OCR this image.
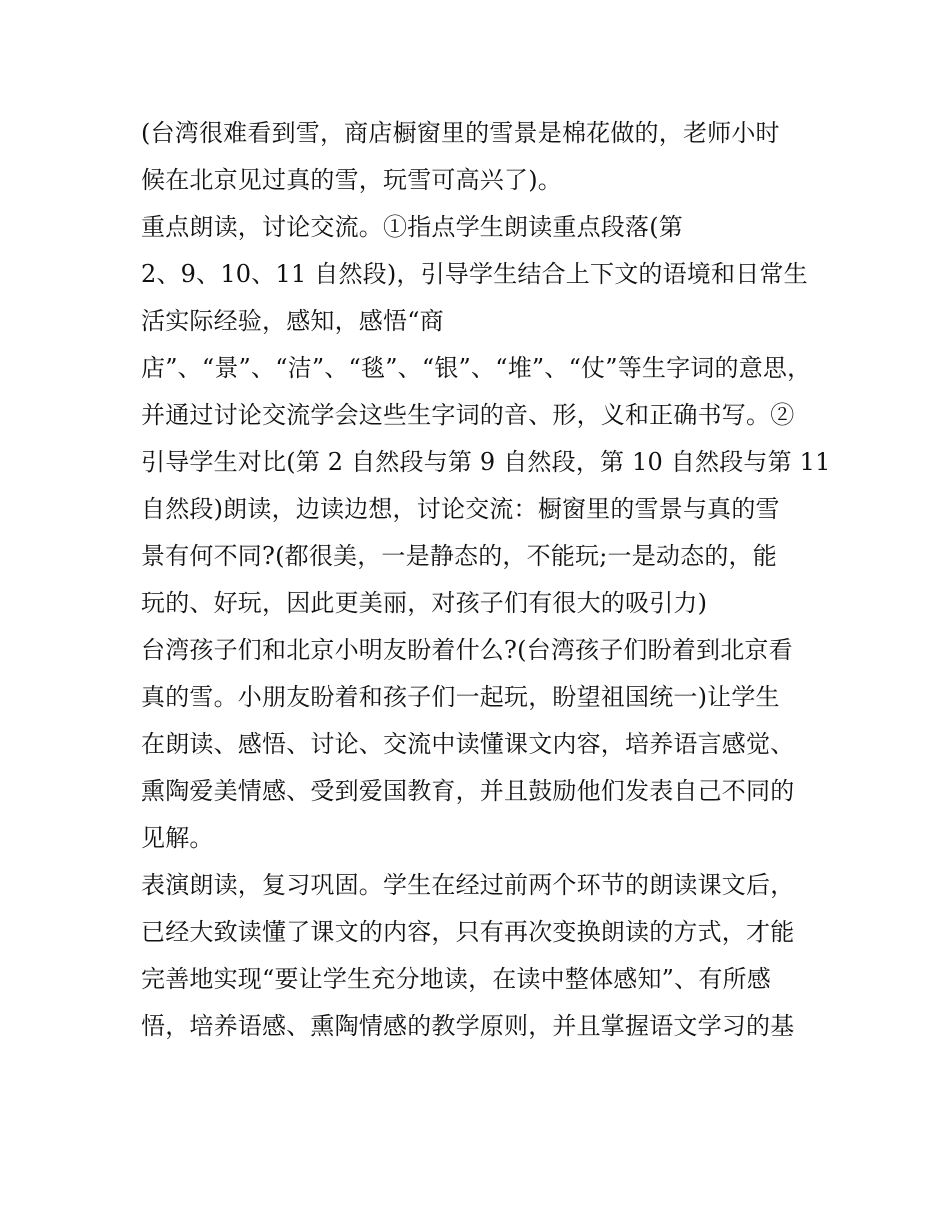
(台湾很难看到雪，商店橱窗里的雪景是棉花做的，老师小时
候在北京见过真的雪，玩雪可高兴了)。
重点朗读，讨论交流。①指点学生朗读重点段落(第
2、9、10、11 自然段)，引导学生结合上下文的语境和日常生
活实际经验，感知，感悟“商
店”、“景”、“洁”、“毯”、“银”、“堆”、“仗”等生字词的意思，
并通过讨论交流学会这些生字词的音、形，义和正确书写。②
引导学生对比(第 2 自然段与第 9 自然段，第 10 自然段与第 11
自然段)朗读，边读边想，讨论交流：橱窗里的雪景与真的雪
景有何不同?(都很美，一是静态的，不能玩;一是动态的，能
玩的、好玩，因此更美丽，对孩子们有很大的吸引力)
台湾孩子们和北京小明友盼着什么?(台湾孩子们盼着到北京看
真的雪。小朋友盼着和孩子们一起玩，盼望祖国统一)让学生
在朗读、感悟、讨论、交流中读懂课文内容，培养语言感觉、
熏陶爱美情感、受到爱国教育，并且鼓励他们发表自己不同的
见解。
表演朗读，复习巩固。学生在经过前两个环节的朗读课文后，
已经大致读懂了课文的内容，只有再次变换朗读的方式，才能
完善地实现“要让学生充分地读，在读中整体感知”、有所感
悟，培养语感、熏陶情感的教学原则，并且掌握语文学习的基
